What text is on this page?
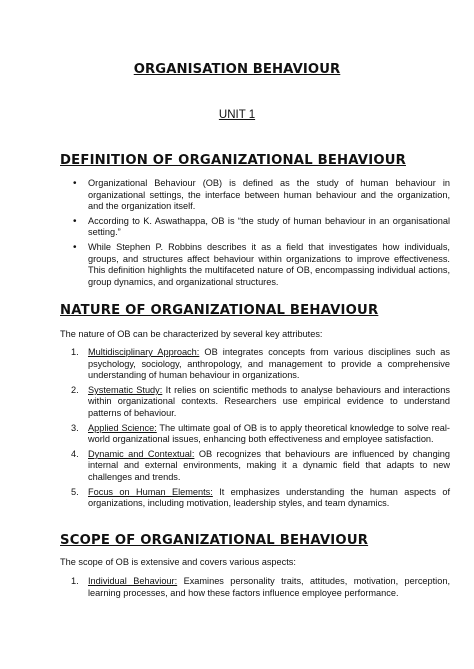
ORGANISATION BEHAVIOUR
UNIT 1
DEFINITION OF ORGANIZATIONAL BEHAVIOUR
• Organizational Behaviour (OB) is defined as the study of human behaviour in organizational settings, the interface between human behaviour and the organization, and the organization itself.
• According to K. Aswathappa, OB is “the study of human behaviour in an organisational setting.”
• While Stephen P. Robbins describes it as a field that investigates how individuals, groups, and structures affect behaviour within organizations to improve effectiveness. This definition highlights the multifaceted nature of OB, encompassing individual actions, group dynamics, and organizational structures.
NATURE OF ORGANIZATIONAL BEHAVIOUR
The nature of OB can be characterized by several key attributes:
1. Multidisciplinary Approach: OB integrates concepts from various disciplines such as psychology, sociology, anthropology, and management to provide a comprehensive understanding of human behaviour in organizations.
2. Systematic Study: It relies on scientific methods to analyse behaviours and interactions within organizational contexts. Researchers use empirical evidence to understand patterns of behaviour.
3. Applied Science: The ultimate goal of OB is to apply theoretical knowledge to solve real-world organizational issues, enhancing both effectiveness and employee satisfaction.
4. Dynamic and Contextual: OB recognizes that behaviours are influenced by changing internal and external environments, making it a dynamic field that adapts to new challenges and trends.
5. Focus on Human Elements: It emphasizes understanding the human aspects of organizations, including motivation, leadership styles, and team dynamics.
SCOPE OF ORGANIZATIONAL BEHAVIOUR
The scope of OB is extensive and covers various aspects:
1. Individual Behaviour: Examines personality traits, attitudes, motivation, perception, learning processes, and how these factors influence employee performance.
